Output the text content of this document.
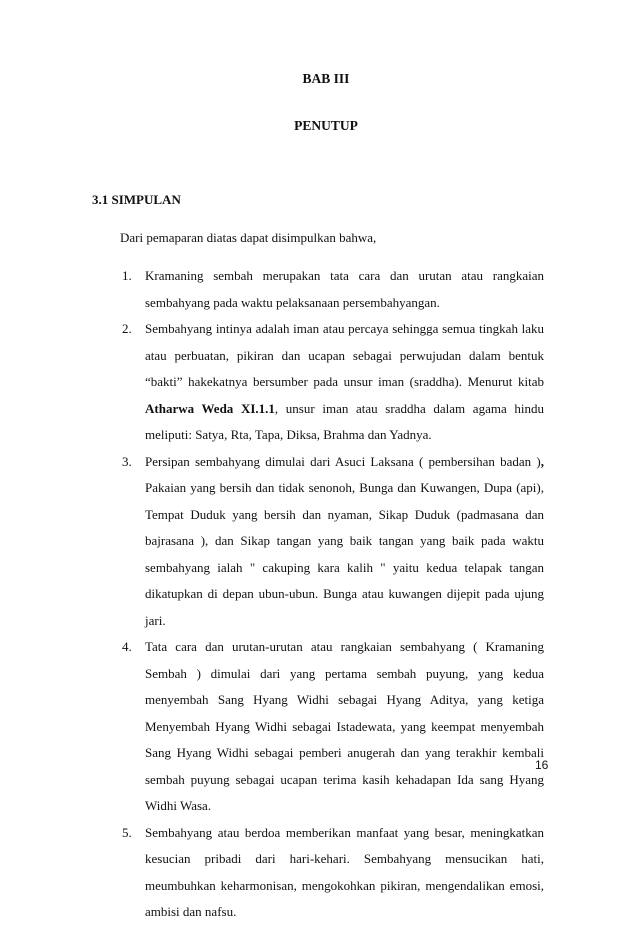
BAB III
PENUTUP
3.1 SIMPULAN
Dari pemaparan diatas dapat disimpulkan bahwa,
1. Kramaning sembah merupakan tata cara dan urutan atau rangkaian sembahyang pada waktu pelaksanaan persembahyangan.
2. Sembahyang intinya adalah iman atau percaya sehingga semua tingkah laku atau perbuatan, pikiran dan ucapan sebagai perwujudan dalam bentuk “bakti” hakekatnya bersumber pada unsur iman (sraddha). Menurut kitab Atharwa Weda XI.1.1, unsur iman atau sraddha dalam agama hindu meliputi: Satya, Rta, Tapa, Diksa, Brahma dan Yadnya.
3. Persipan sembahyang dimulai dari Asuci Laksana ( pembersihan badan ), Pakaian yang bersih dan tidak senonoh, Bunga dan Kuwangen, Dupa (api), Tempat Duduk yang bersih dan nyaman, Sikap Duduk (padmasana dan bajrasana ), dan Sikap tangan yang baik tangan yang baik pada waktu sembahyang ialah " cakuping kara kalih " yaitu kedua telapak tangan dikatupkan di depan ubun-ubun. Bunga atau kuwangen dijepit pada ujung jari.
4. Tata cara dan urutan-urutan atau rangkaian sembahyang ( Kramaning Sembah ) dimulai dari yang pertama sembah puyung, yang kedua menyembah Sang Hyang Widhi sebagai Hyang Aditya, yang ketiga Menyembah Hyang Widhi sebagai Istadewata, yang keempat menyembah Sang Hyang Widhi sebagai pemberi anugerah dan yang terakhir kembali sembah puyung sebagai ucapan terima kasih kehadapan Ida sang Hyang Widhi Wasa.
5. Sembahyang atau berdoa memberikan manfaat yang besar, meningkatkan kesucian pribadi dari hari-kehari. Sembahyang mensucikan hati, meumbuhkan keharmonisan, mengokohkan pikiran, mengendalikan emosi, ambisi dan nafsu.
16
